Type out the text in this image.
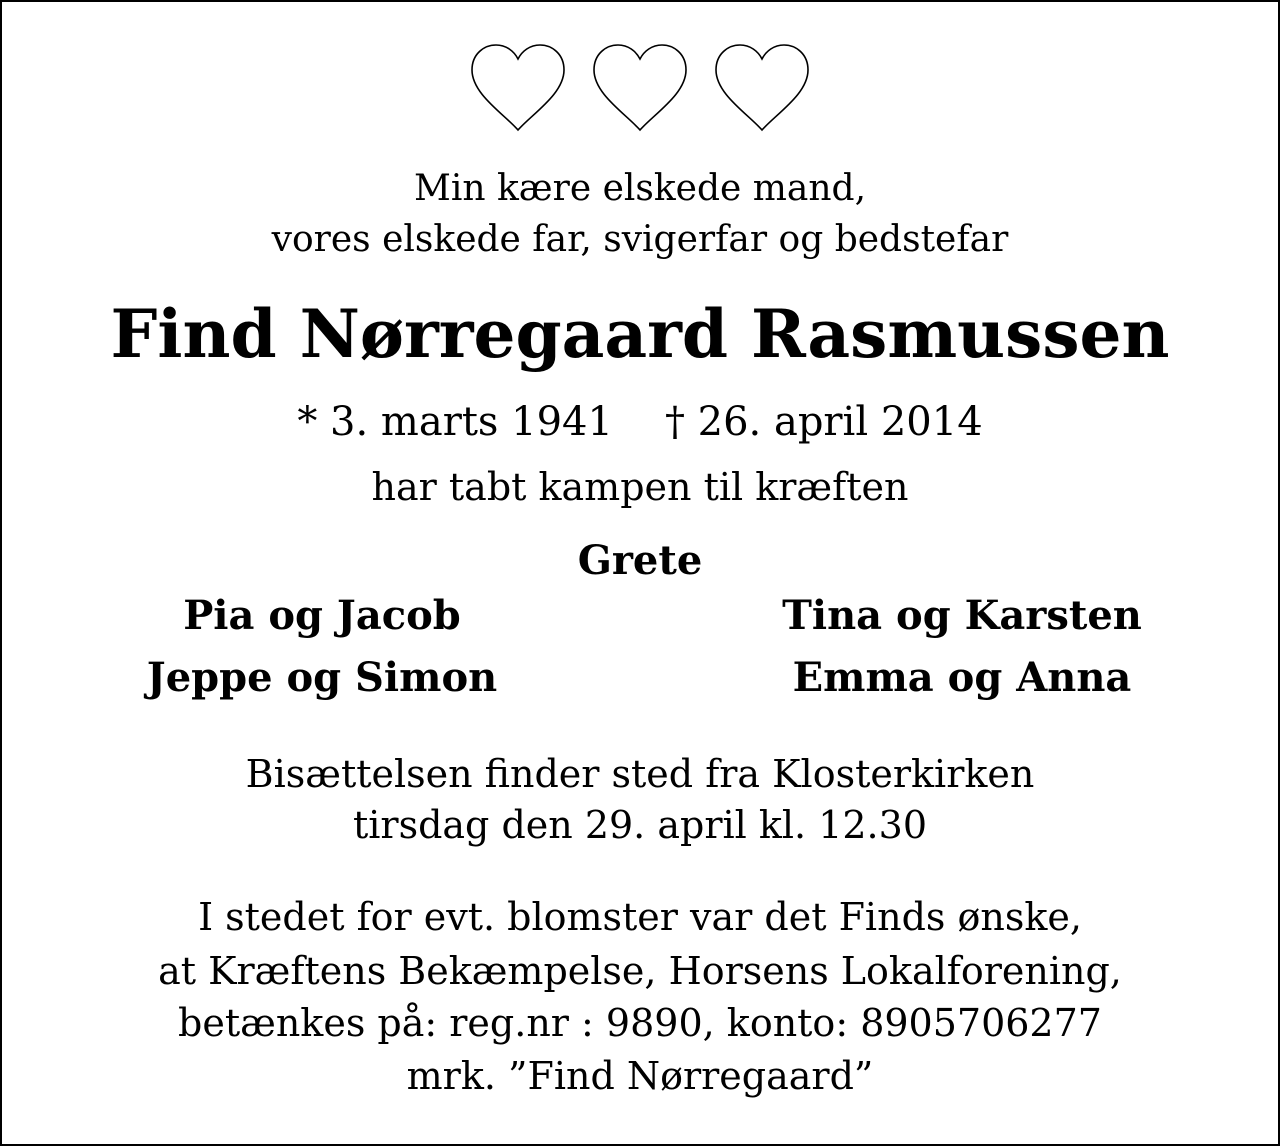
Min kære elskede mand,
vores elskede far, svigerfar og bedstefar
Find Nørregaard Rasmussen
* 3. marts 1941 † 26. april 2014
har tabt kampen til kræften
Grete
Pia og Jacob
Jeppe og Simon
Tina og Karsten
Emma og Anna
Bisættelsen finder sted fra Klosterkirken
tirsdag den 29. april kl. 12.30
I stedet for evt. blomster var det Finds ønske,
at Kræftens Bekæmpelse, Horsens Lokalforening,
betænkes på: reg.nr : 9890, konto: 8905706277
mrk. ”Find Nørregaard”
